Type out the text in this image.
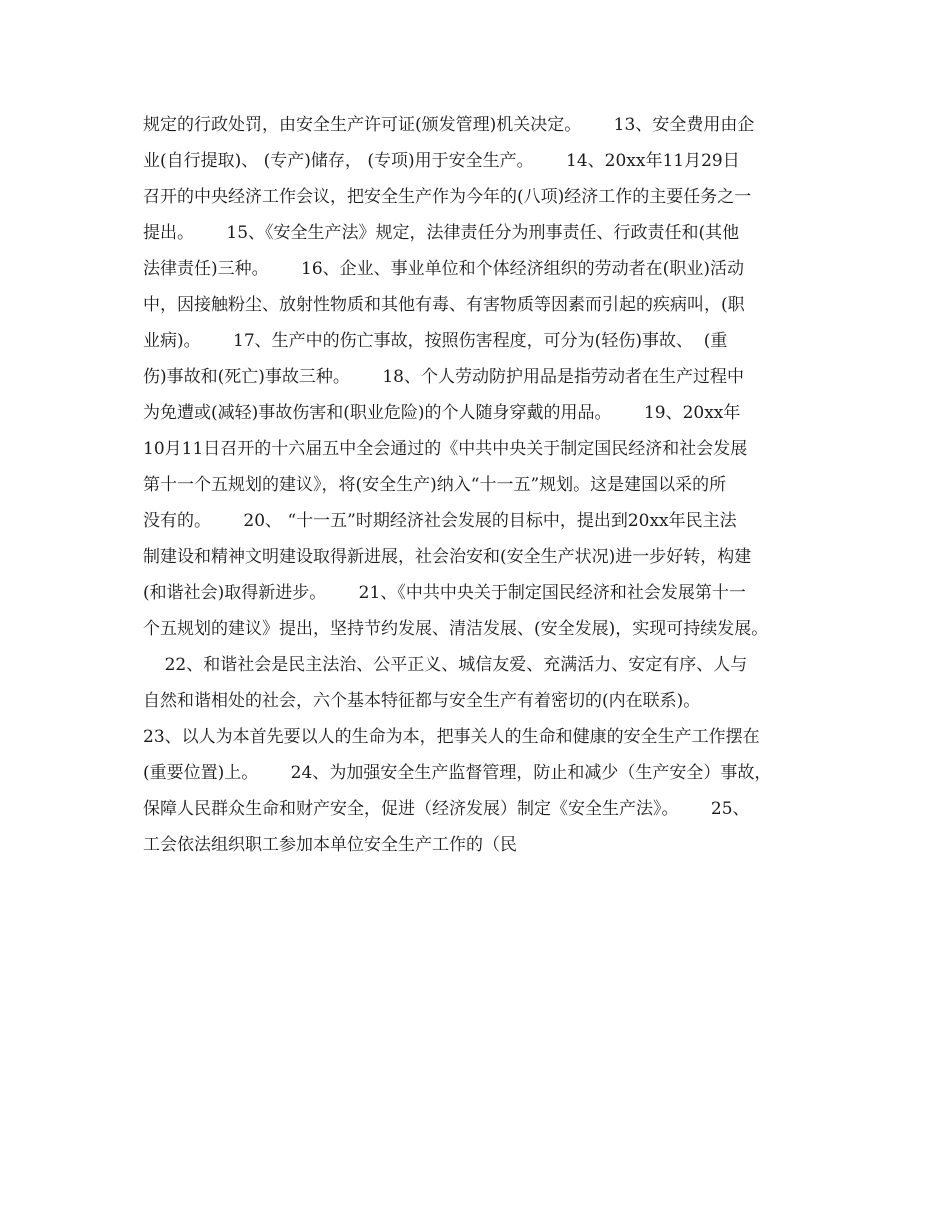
规定的行政处罚，由安全生产许可证(颁发管理)机关决定。      13、安全费用由企
业(自行提取)、 (专产)储存， (专项)用于安全生产。      14、20xx年11月29日
召开的中央经济工作会议，把安全生产作为今年的(八项)经济工作的主要任务之一
提出。      15、《安全生产法》规定，法律责任分为刑事责任、行政责任和(其他
法律责任)三种。      16、企业、事业单位和个体经济组织的劳动者在(职业)活动
中，因接触粉尘、放射性物质和其他有毒、有害物质等因素而引起的疾病叫，(职
业病)。      17、生产中的伤亡事故，按照伤害程度，可分为(轻伤)事故、  (重
伤)事故和(死亡)事故三种。      18、个人劳动防护用品是指劳动者在生产过程中
为免遭或(减轻)事故伤害和(职业危险)的个人随身穿戴的用品。      19、20xx年
10月11日召开的十六届五中全会通过的《中共中央关于制定国民经济和社会发展
第十一个五规划的建议》，将(安全生产)纳入“十一五”规划。这是建国以采的所
没有的。      20、 “十一五”时期经济社会发展的目标中，提出到20xx年民主法
制建设和精神文明建设取得新进展，社会治安和(安全生产状况)进一步好转，构建
(和谐社会)取得新进步。      21、《中共中央关于制定国民经济和社会发展第十一
个五规划的建议》提出，坚持节约发展、清洁发展、(安全发展)，实现可持续发展。
22、和谐社会是民主法治、公平正义、城信友爱、充满活力、安定有序、人与
自然和谐相处的社会，六个基本特征都与安全生产有着密切的(内在联系)。
23、以人为本首先要以人的生命为本，把事关人的生命和健康的安全生产工作摆在
(重要位置)上。      24、为加强安全生产监督管理，防止和减少（生产安全）事故，
保障人民群众生命和财产安全，促进（经济发展）制定《安全生产法》。      25、
工会依法组织职工参加本单位安全生产工作的（民
